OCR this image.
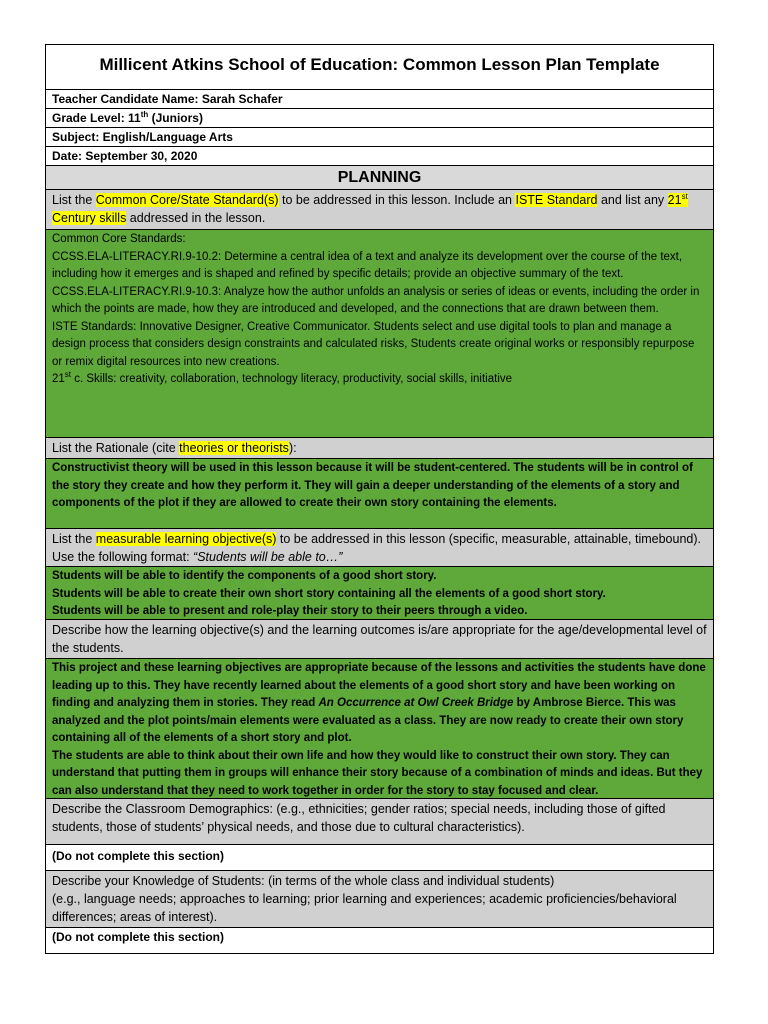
Millicent Atkins School of Education: Common Lesson Plan Template
Teacher Candidate Name: Sarah Schafer
Grade Level: 11th (Juniors)
Subject: English/Language Arts
Date: September 30, 2020
PLANNING
List the Common Core/State Standard(s) to be addressed in this lesson. Include an ISTE Standard and list any 21st Century skills addressed in the lesson.

Common Core Standards:

CCSS.ELA-LITERACY.RI.9-10.2: Determine a central idea of a text and analyze its development over the course of the text, including how it emerges and is shaped and refined by specific details; provide an objective summary of the text.

CCSS.ELA-LITERACY.RI.9-10.3: Analyze how the author unfolds an analysis or series of ideas or events, including the order in which the points are made, how they are introduced and developed, and the connections that are drawn between them.

ISTE Standards: Innovative Designer, Creative Communicator. Students select and use digital tools to plan and manage a design process that considers design constraints and calculated risks, Students create original works or responsibly repurpose or remix digital resources into new creations.

21st c. Skills: creativity, collaboration, technology literacy, productivity, social skills, initiative

List the Rationale (cite theories or theorists):
Constructivist theory will be used in this lesson because it will be student-centered. The students will be in control of the story they create and how they perform it. They will gain a deeper understanding of the elements of a story and components of the plot if they are allowed to create their own story containing the elements.
List the measurable learning objective(s) to be addressed in this lesson (specific, measurable, attainable, timebound). Use the following format: “Students will be able to…”

Students will be able to identify the components of a good short story.

Students will be able to create their own short story containing all the elements of a good short story.

Students will be able to present and role-play their story to their peers through a video.

Describe how the learning objective(s) and the learning outcomes is/are appropriate for the age/developmental level of the students.

This project and these learning objectives are appropriate because of the lessons and activities the students have done leading up to this. They have recently learned about the elements of a good short story and have been working on finding and analyzing them in stories. They read An Occurrence at Owl Creek Bridge by Ambrose Bierce. This was analyzed and the plot points/main elements were evaluated as a class. They are now ready to create their own story containing all of the elements of a short story and plot.

The students are able to think about their own life and how they would like to construct their own story. They can understand that putting them in groups will enhance their story because of a combination of minds and ideas. But they can also understand that they need to work together in order for the story to stay focused and clear.

Describe the Classroom Demographics: (e.g., ethnicities; gender ratios; special needs, including those of gifted students, those of students’ physical needs, and those due to cultural characteristics).
(Do not complete this section)

Describe your Knowledge of Students: (in terms of the whole class and individual students)

(e.g., language needs; approaches to learning; prior learning and experiences; academic proficiencies/behavioral differences; areas of interest).

(Do not complete this section)
